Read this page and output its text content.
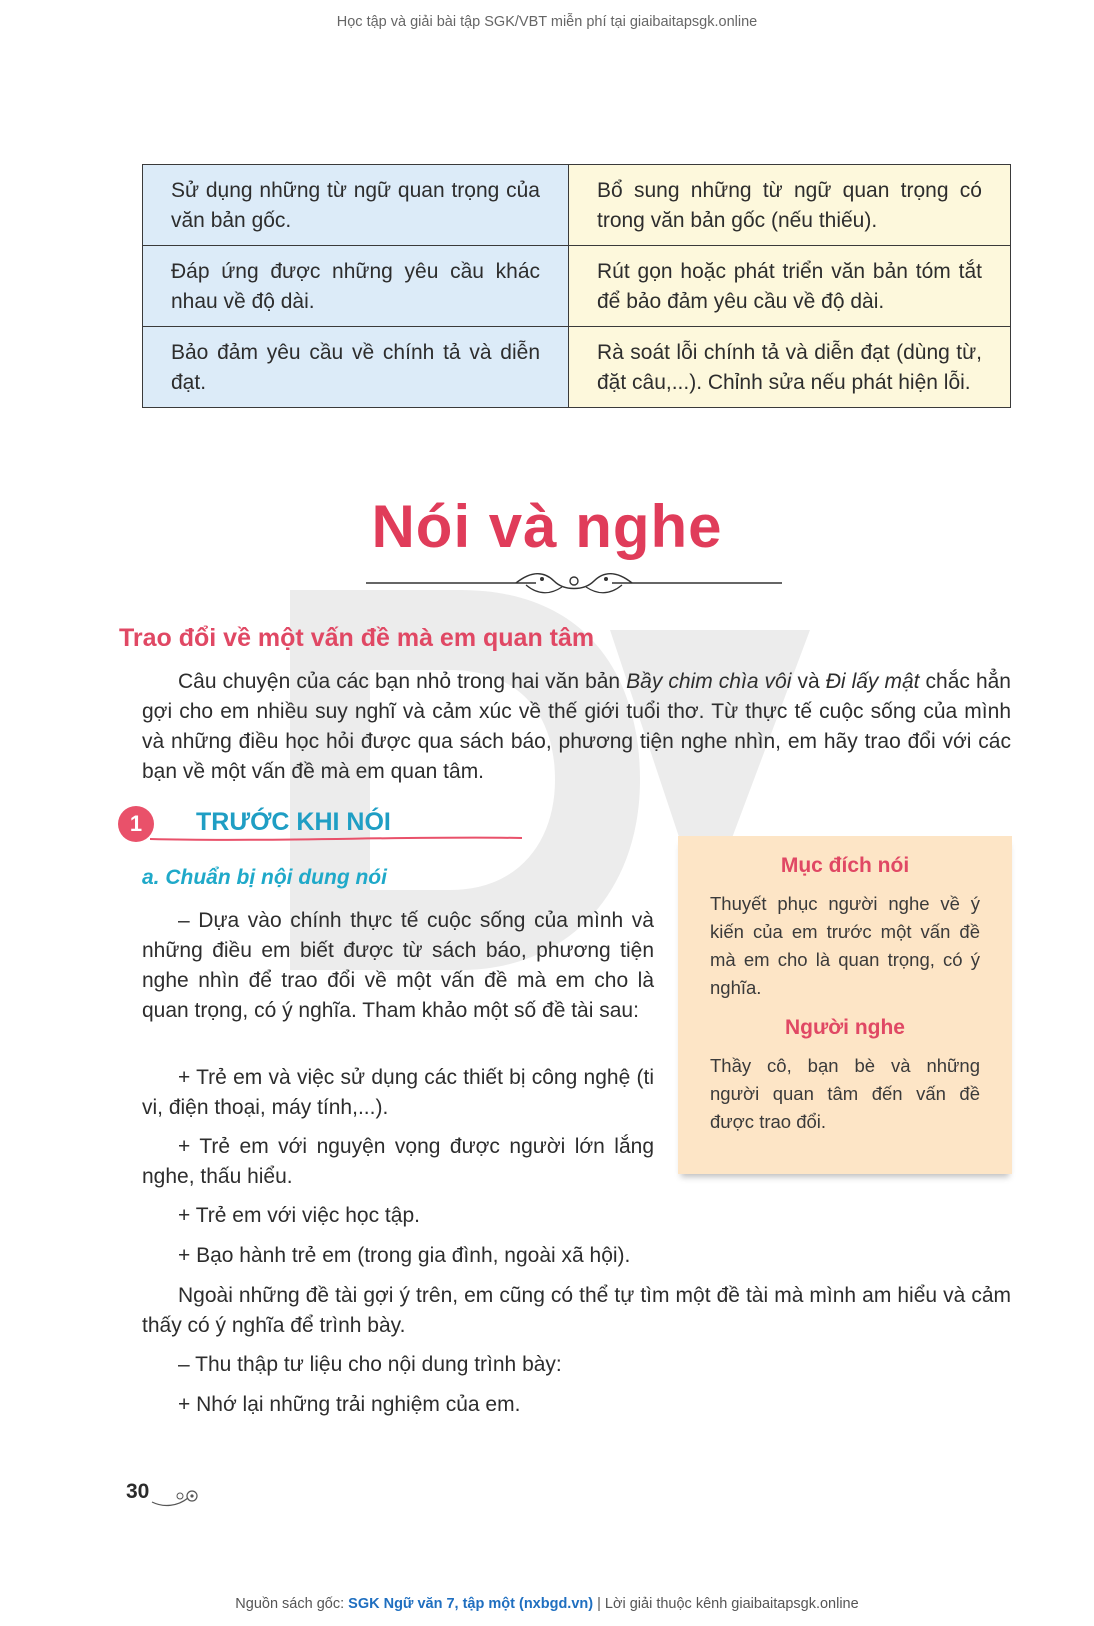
Học tập và giải bài tập SGK/VBT miễn phí tại giaibaitapsgk.online
Sử dụng những từ ngữ quan trọng của văn bản gốc.	Bổ sung những từ ngữ quan trọng có trong văn bản gốc (nếu thiếu).
Đáp ứng được những yêu cầu khác nhau về độ dài.	Rút gọn hoặc phát triển văn bản tóm tắt để bảo đảm yêu cầu về độ dài.
Bảo đảm yêu cầu về chính tả và diễn đạt.	Rà soát lỗi chính tả và diễn đạt (dùng từ, đặt câu,...). Chỉnh sửa nếu phát hiện lỗi.
Nói và nghe
Trao đổi về một vấn đề mà em quan tâm
Câu chuyện của các bạn nhỏ trong hai văn bản Bầy chim chìa vôi và Đi lấy mật chắc hẳn gợi cho em nhiều suy nghĩ và cảm xúc về thế giới tuổi thơ. Từ thực tế cuộc sống của mình và những điều học hỏi được qua sách báo, phương tiện nghe nhìn, em hãy trao đổi với các bạn về một vấn đề mà em quan tâm.
1	TRƯỚC KHI NÓI
a. Chuẩn bị nội dung nói
– Dựa vào chính thực tế cuộc sống của mình và những điều em biết được từ sách báo, phương tiện nghe nhìn để trao đổi về một vấn đề mà em cho là quan trọng, có ý nghĩa. Tham khảo một số đề tài sau:
+ Trẻ em và việc sử dụng các thiết bị công nghệ (ti vi, điện thoại, máy tính,...).
+ Trẻ em với nguyện vọng được người lớn lắng nghe, thấu hiểu.
+ Trẻ em với việc học tập.
+ Bạo hành trẻ em (trong gia đình, ngoài xã hội).
Ngoài những đề tài gợi ý trên, em cũng có thể tự tìm một đề tài mà mình am hiểu và cảm thấy có ý nghĩa để trình bày.
– Thu thập tư liệu cho nội dung trình bày:
+ Nhớ lại những trải nghiệm của em.
Mục đích nói
Thuyết phục người nghe về ý kiến của em trước một vấn đề mà em cho là quan trọng, có ý nghĩa.
Người nghe
Thầy cô, bạn bè và những người quan tâm đến vấn đề được trao đổi.
30
Nguồn sách gốc: SGK Ngữ văn 7, tập một (nxbgd.vn) | Lời giải thuộc kênh giaibaitapsgk.online
